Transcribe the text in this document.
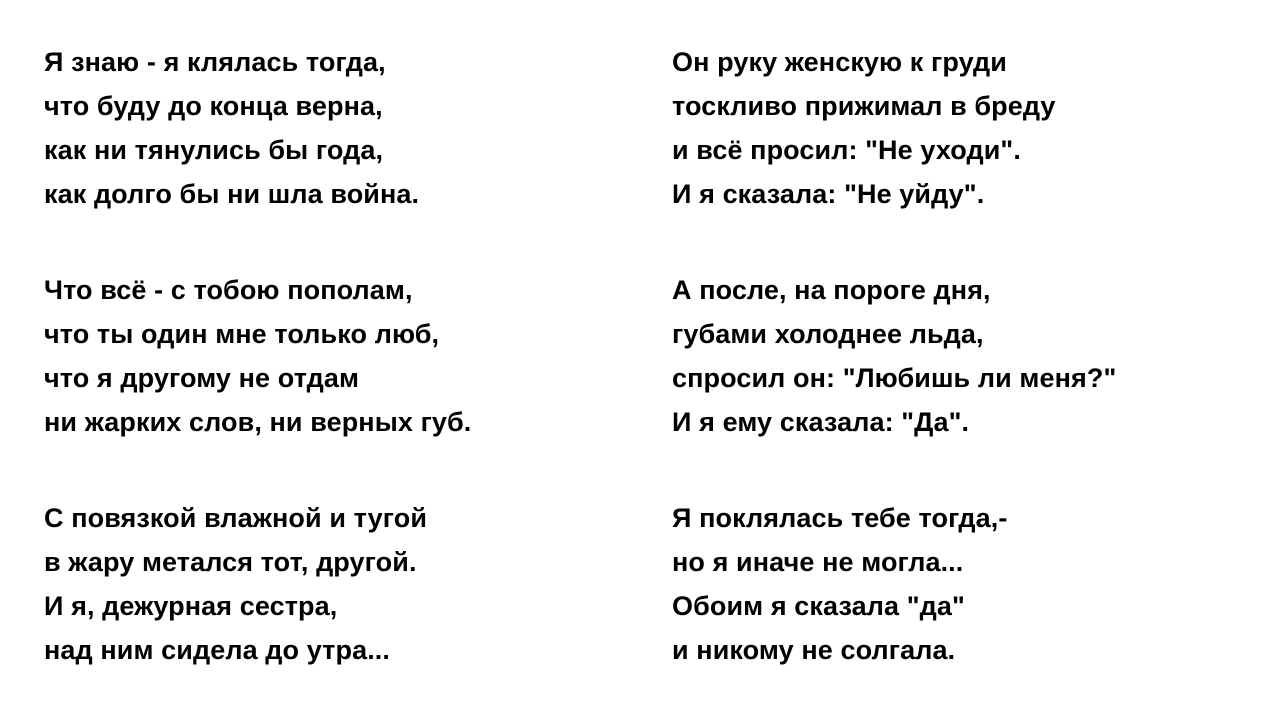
Я знаю - я клялась тогда,
что буду до конца верна,
как ни тянулись бы года,
как долго бы ни шла война.
Что всё - с тобою пополам,
что ты один мне только люб,
что я другому не отдам
ни жарких слов, ни верных губ.
С повязкой влажной и тугой
в жару метался тот, другой.
И я, дежурная сестра,
над ним сидела до утра...
Он руку женскую к груди
тоскливо прижимал в бреду
и всё просил: "Не уходи".
И я сказала: "Не уйду".
А после, на пороге дня,
губами холоднее льда,
спросил он: "Любишь ли меня?"
И я ему сказала: "Да".
Я поклялась тебе тогда,-
но я иначе не могла...
Обоим я сказала "да"
и никому не солгала.
